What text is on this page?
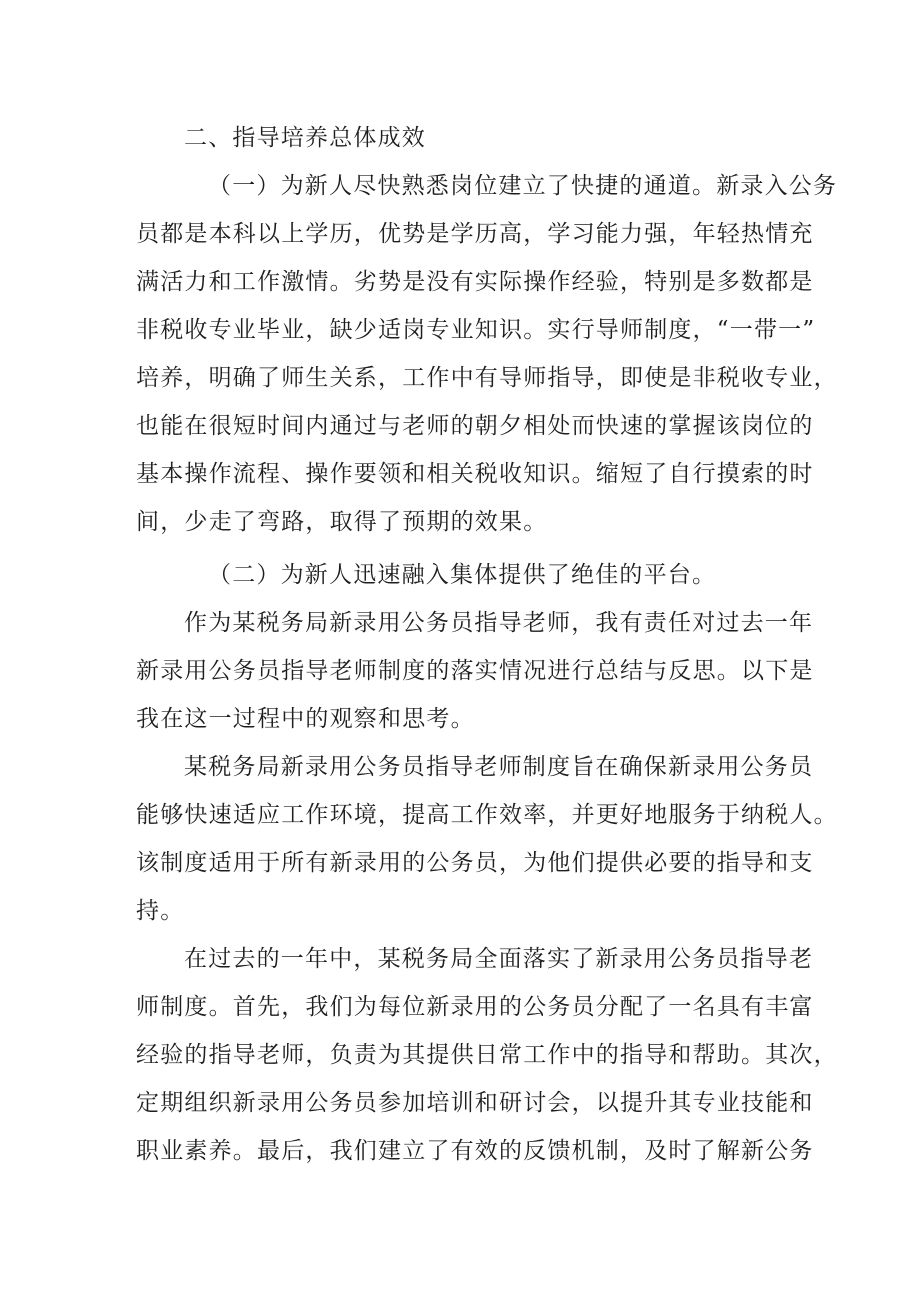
二、指导培养总体成效

（一）为新人尽快熟悉岗位建立了快捷的通道。新录入公务

员都是本科以上学历，优势是学历高，学习能力强，年轻热情充

满活力和工作激情。劣势是没有实际操作经验，特别是多数都是

非税收专业毕业，缺少适岗专业知识。实行导师制度，“一带一”

培养，明确了师生关系，工作中有导师指导，即使是非税收专业，

也能在很短时间内通过与老师的朝夕相处而快速的掌握该岗位的

基本操作流程、操作要领和相关税收知识。缩短了自行摸索的时

间，少走了弯路，取得了预期的效果。

（二）为新人迅速融入集体提供了绝佳的平台。

作为某税务局新录用公务员指导老师，我有责任对过去一年

新录用公务员指导老师制度的落实情况进行总结与反思。以下是

我在这一过程中的观察和思考。

某税务局新录用公务员指导老师制度旨在确保新录用公务员

能够快速适应工作环境，提高工作效率，并更好地服务于纳税人。

该制度适用于所有新录用的公务员，为他们提供必要的指导和支

持。

在过去的一年中，某税务局全面落实了新录用公务员指导老

师制度。首先，我们为每位新录用的公务员分配了一名具有丰富

经验的指导老师，负责为其提供日常工作中的指导和帮助。其次，

定期组织新录用公务员参加培训和研讨会，以提升其专业技能和

职业素养。最后，我们建立了有效的反馈机制，及时了解新公务
